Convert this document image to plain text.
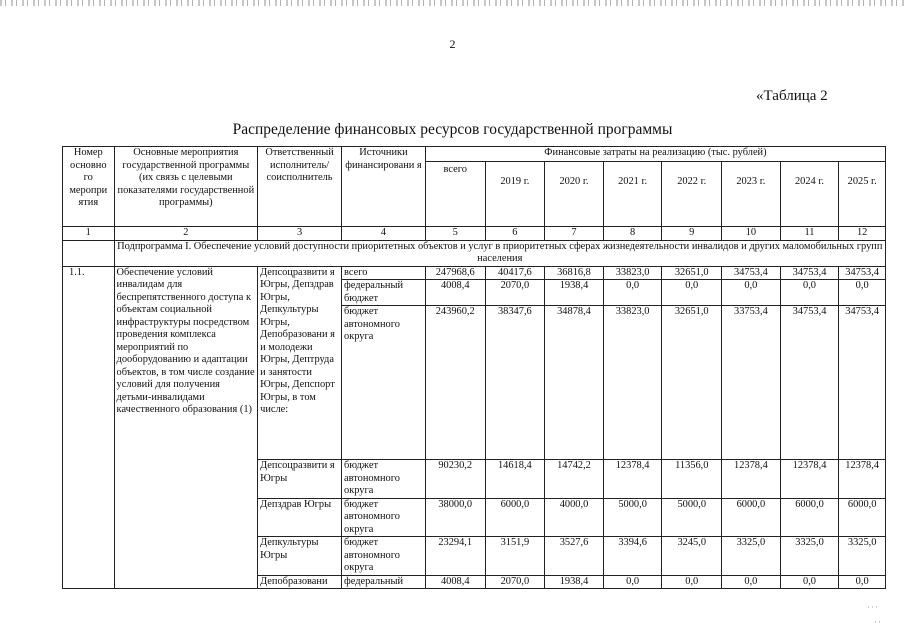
2
«Таблица 2
Распределение финансовых ресурсов государственной программы
Номер основно го меропри ятия	Основные мероприятия государственной программы (их связь с целевыми показателями государственной программы)	Ответственный исполнитель/ соисполнитель	Источники финансировани я	Финансовые затраты на реализацию (тыс. рублей)							
				всего	2019 г.	2020 г.	2021 г.	2022 г.	2023 г.	2024 г.	2025 г.
1	2	3	4	5	6	7	8	9	10	11	12
	Подпрограмма I. Обеспечение условий доступности приоритетных объектов и услуг в приоритетных сферах жизнедеятельности инвалидов и других маломобильных групп населения										
1.1.	Обеспечение условий инвалидам для беспрепятственного доступа к объектам социальной инфраструктуры посредством проведения комплекса мероприятий по дооборудованию и адаптации объектов, в том числе создание условий для получения детьми-инвалидами качественного образования (1)	Депсоцразвити я Югры, Депздрав Югры, Депкультуры Югры, Депобразовани я и молодежи Югры, Дептруда и занятости Югры, Депспорт Югры, в том числе:	всего	247968,6	40417,6	36816,8	33823,0	32651,0	34753,4	34753,4	34753,4
			федеральный бюджет	4008,4	2070,0	1938,4	0,0	0,0	0,0	0,0	0,0
			бюджет автономного округа	243960,2	38347,6	34878,4	33823,0	32651,0	33753,4	34753,4	34753,4
		Депсоцразвити я Югры	бюджет автономного округа	90230,2	14618,4	14742,2	12378,4	11356,0	12378,4	12378,4	12378,4
		Депздрав Югры	бюджет автономного округа	38000,0	6000,0	4000,0	5000,0	5000,0	6000,0	6000,0	6000,0
		Депкультуры Югры	бюджет автономного округа	23294,1	3151,9	3527,6	3394,6	3245,0	3325,0	3325,0	3325,0
		Депобразовани	федеральный	4008,4	2070,0	1938,4	0,0	0,0	0,0	0,0	0,0
···
··
